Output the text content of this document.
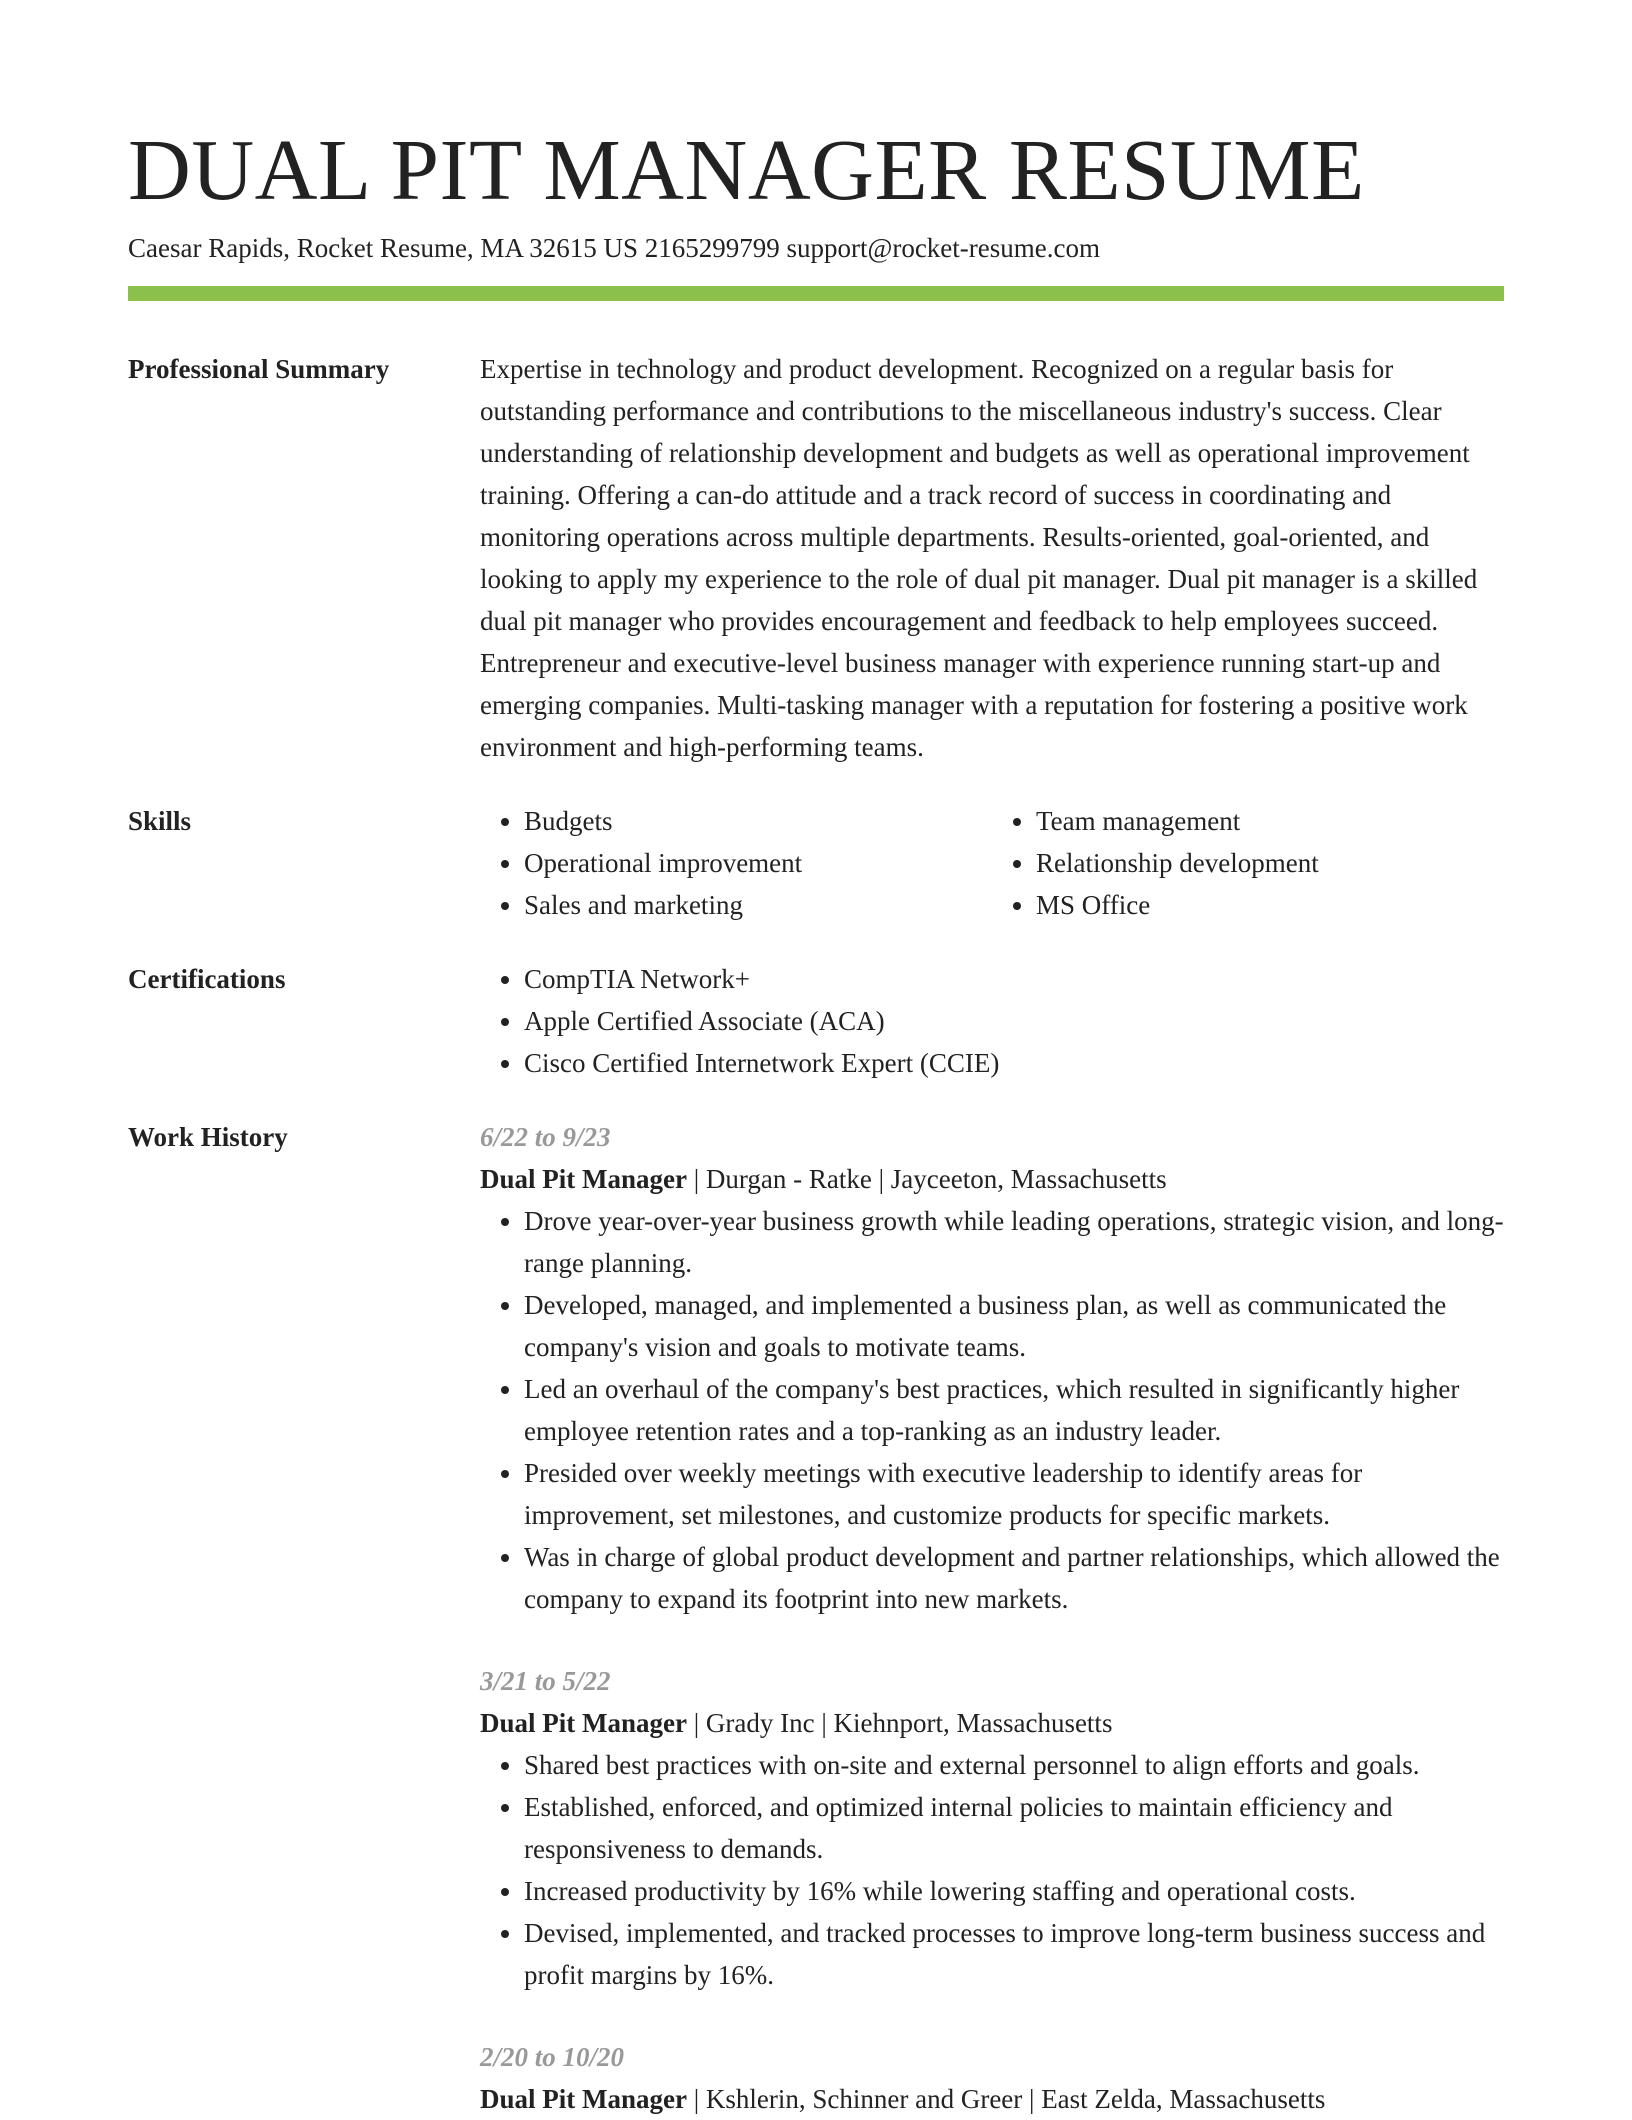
DUAL PIT MANAGER RESUME
Caesar Rapids, Rocket Resume, MA 32615 US 2165299799 support@rocket-resume.com
Professional Summary	Expertise in technology and product development. Recognized on a regular basis for outstanding performance and contributions to the miscellaneous industry's success. Clear understanding of relationship development and budgets as well as operational improvement training. Offering a can-do attitude and a track record of success in coordinating and monitoring operations across multiple departments. Results-oriented, goal-oriented, and looking to apply my experience to the role of dual pit manager. Dual pit manager is a skilled dual pit manager who provides encouragement and feedback to help employees succeed. Entrepreneur and executive-level business manager with experience running start-up and emerging companies. Multi-tasking manager with a reputation for fostering a positive work environment and high-performing teams.

Skills	• Budgets
• Operational improvement
• Sales and marketing
• Team management
• Relationship development
• MS Office
Certifications	• CompTIA Network+
• Apple Certified Associate (ACA)
• Cisco Certified Internetwork Expert (CCIE)
Work History	6/22 to 9/23
Dual Pit Manager | Durgan - Ratke | Jayceeton, Massachusetts
• Drove year-over-year business growth while leading operations, strategic vision, and long-range planning.
• Developed, managed, and implemented a business plan, as well as communicated the company's vision and goals to motivate teams.
• Led an overhaul of the company's best practices, which resulted in significantly higher employee retention rates and a top-ranking as an industry leader.
• Presided over weekly meetings with executive leadership to identify areas for improvement, set milestones, and customize products for specific markets.
• Was in charge of global product development and partner relationships, which allowed the company to expand its footprint into new markets.
3/21 to 5/22
Dual Pit Manager | Grady Inc | Kiehnport, Massachusetts
• Shared best practices with on-site and external personnel to align efforts and goals.
• Established, enforced, and optimized internal policies to maintain efficiency and responsiveness to demands.
• Increased productivity by 16% while lowering staffing and operational costs.
• Devised, implemented, and tracked processes to improve long-term business success and profit margins by 16%.
2/20 to 10/20
Dual Pit Manager | Kshlerin, Schinner and Greer | East Zelda, Massachusetts
